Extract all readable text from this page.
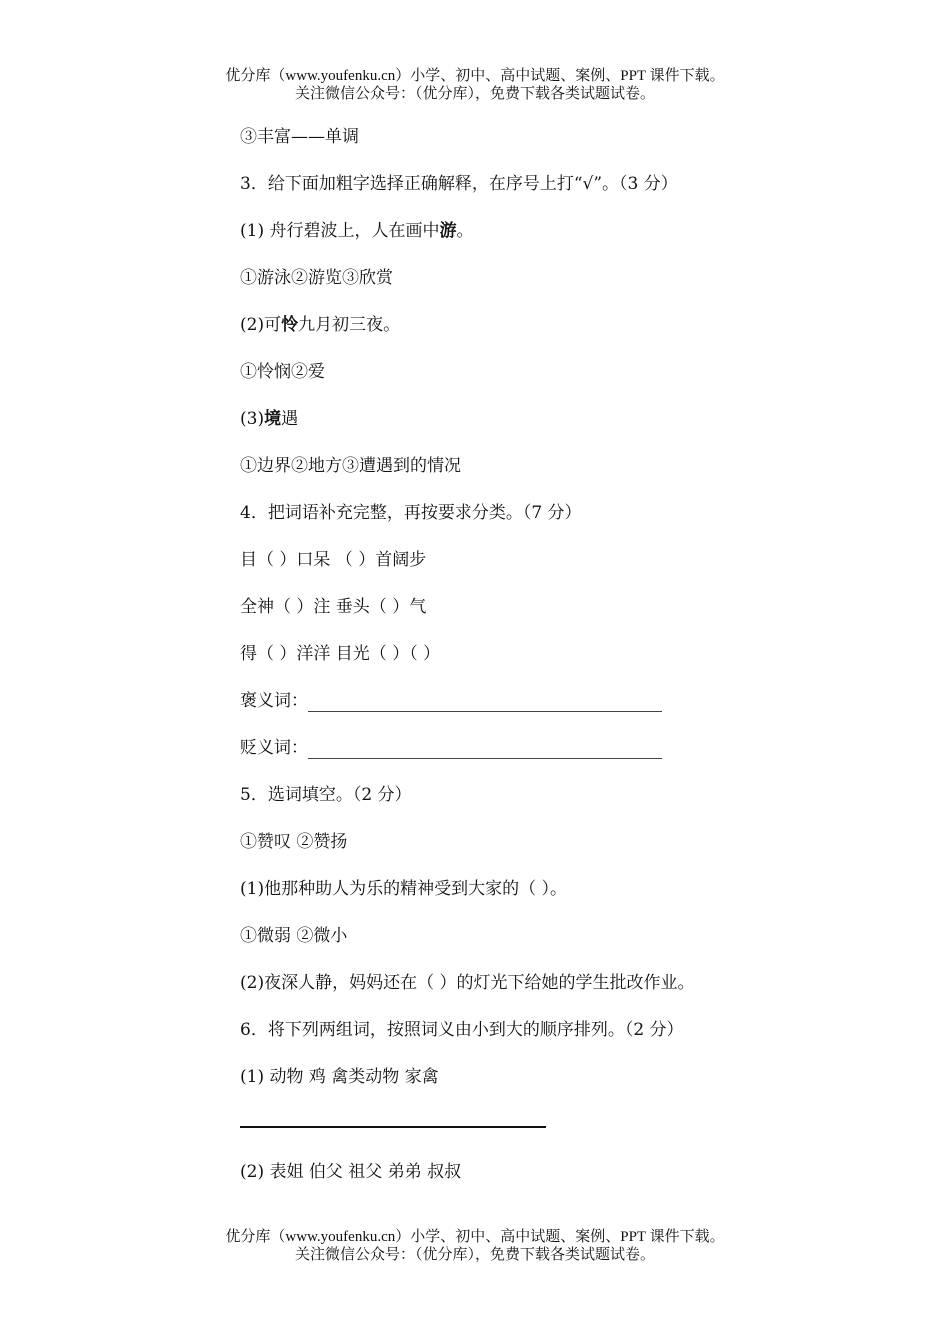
优分库（www.youfenku.cn）小学、初中、高中试题、案例、PPT 课件下载。
关注微信公众号：（优分库），免费下载各类试题试卷。
③丰富——单调
3．给下面加粗字选择正确解释，在序号上打“√”。（3 分）
(1) 舟行碧波上，人在画中游。
①游泳②游览③欣赏
(2)可怜九月初三夜。
①怜悯②爱
(3)境遇
①边界②地方③遭遇到的情况
4．把词语补充完整，再按要求分类。（7 分）
目（ ）口呆 （ ）首阔步
全神（ ）注 垂头（ ）气
得（ ）洋洋 目光（ ）（ ）
褒义词：
贬义词：
5．选词填空。（2 分）
①赞叹 ②赞扬
(1)他那种助人为乐的精神受到大家的（ ）。
①微弱 ②微小
(2)夜深人静，妈妈还在（ ）的灯光下给她的学生批改作业。
6．将下列两组词，按照词义由小到大的顺序排列。（2 分）
(1) 动物 鸡 禽类动物 家禽
(2) 表姐 伯父 祖父 弟弟 叔叔
优分库（www.youfenku.cn）小学、初中、高中试题、案例、PPT 课件下载。
关注微信公众号：（优分库），免费下载各类试题试卷。
